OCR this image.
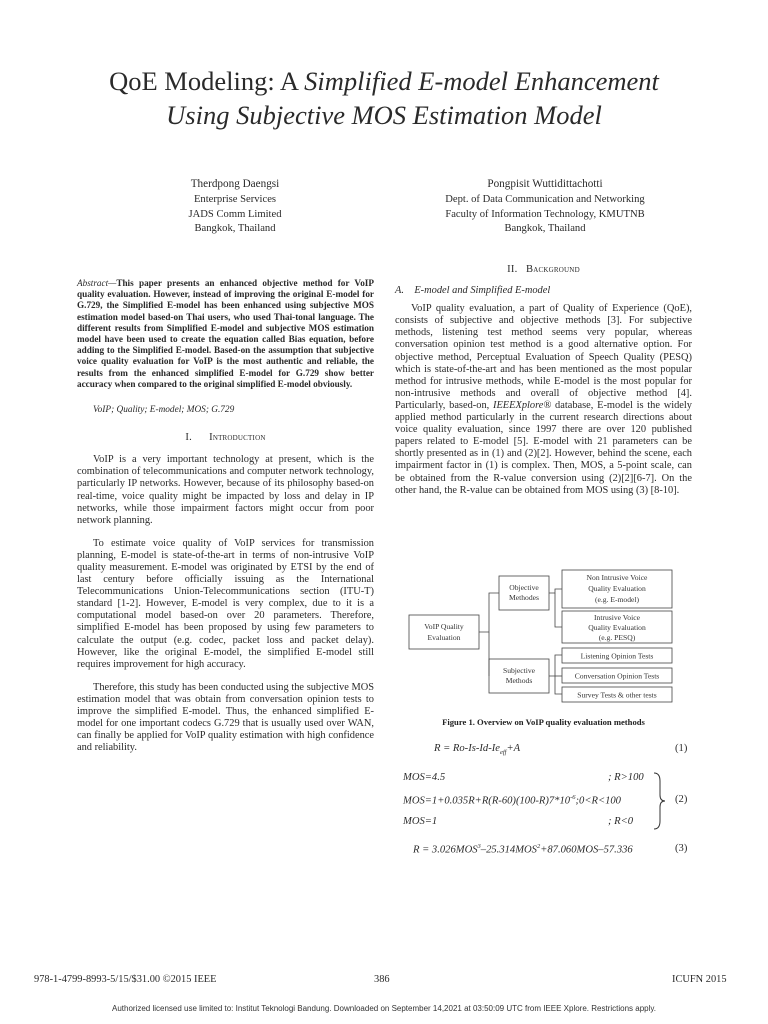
QoE Modeling: A Simplified E-model Enhancement
Using Subjective MOS Estimation Model
Therdpong Daengsi
Enterprise Services
JADS Comm Limited
Bangkok, Thailand
Pongpisit Wuttidittachotti
Dept. of Data Communication and Networking
Faculty of Information Technology, KMUTNB
Bangkok, Thailand

Abstract—This paper presents an enhanced objective method for VoIP quality evaluation. However, instead of improving the original E-model for G.729, the Simplified E-model has been enhanced using subjective MOS estimation model based-on Thai users, who used Thai-tonal language. The different results from Simplified E-model and subjective MOS estimation model have been used to create the equation called Bias equation, before adding to the Simplified E-model. Based-on the assumption that subjective voice quality evaluation for VoIP is the most authentic and reliable, the results from the enhanced simplified E-model for G.729 show better accuracy when compared to the original simplified E-model obviously.

VoIP; Quality; E-model; MOS; G.729

I. Introduction

VoIP is a very important technology at present, which is the combination of telecommunications and computer network technology, particularly IP networks. However, because of its philosophy based-on real-time, voice quality might be impacted by loss and delay in IP networks, while those impairment factors might occur from poor network planning.

To estimate voice quality of VoIP services for transmission planning, E-model is state-of-the-art in terms of non-intrusive VoIP quality measurement. E-model was originated by ETSI by the end of last century before officially issuing as the International Telecommunications Union-Telecommunications section (ITU-T) standard [1-2]. However, E-model is very complex, due to it is a computational model based-on over 20 parameters. Therefore, simplified E-model has been proposed by using few parameters to calculate the output (e.g. codec, packet loss and packet delay). However, like the original E-model, the simplified E-model still requires improvement for high accuracy.

Therefore, this study has been conducted using the subjective MOS estimation model that was obtain from conversation opinion tests to improve the simplified E-model. Thus, the enhanced simplified E-model for one important codecs G.729 that is usually used over WAN, can finally be applied for VoIP quality estimation with high confidence and reliability.

II. Background

A. E-model and Simplified E-model

VoIP quality evaluation, a part of Quality of Experience (QoE), consists of subjective and objective methods [3]. For subjective methods, listening test method seems very popular, whereas conversation opinion test method is a good alternative option. For objective method, Perceptual Evaluation of Speech Quality (PESQ) which is state-of-the-art and has been mentioned as the most popular method for intrusive methods, while E-model is the most popular for non-intrusive methods and overall of objective method [4]. Particularly, based-on, IEEEXplore® database, E-model is the widely applied method particularly in the current research directions about voice quality evaluation, since 1997 there are over 120 published papers related to E-model [5]. E-model with 21 parameters can be shortly presented as in (1) and (2)[2]. However, behind the scene, each impairment factor in (1) is complex. Then, MOS, a 5-point scale, can be obtained from the R-value conversion using (2)[2][6-7]. On the other hand, the R-value can be obtained from MOS using (3) [8-10].

VoIP Quality
Evaluation
Objective
Methodes
Subjective
Methods
Non Intrusive Voice
Quality Evaluation
(e.g. E-model)
Intrusive Voice
Quality Evaluation
(e.g. PESQ)
Listening Opinion Tests
Conversation Opinion Tests
Survey Tests & other tests
Figure 1. Overview on VoIP quality evaluation methods
$R = Ro-Is-Id-Ie_{eff}+A$	(1)
MOS=4.5	; R>100
$MOS=1+0.035R+R(R-60)(100-R)7*10^{-6};0<R<100$
MOS=1	; R<0
(2)
$R = 3.026MOS^3-25.314MOS^2+87.060MOS-57.336$	(3)
978-1-4799-8993-5/15/$31.00 ©2015 IEEE	386	ICUFN 2015
Authorized licensed use limited to: Institut Teknologi Bandung. Downloaded on September 14,2021 at 03:50:09 UTC from IEEE Xplore. Restrictions apply.
